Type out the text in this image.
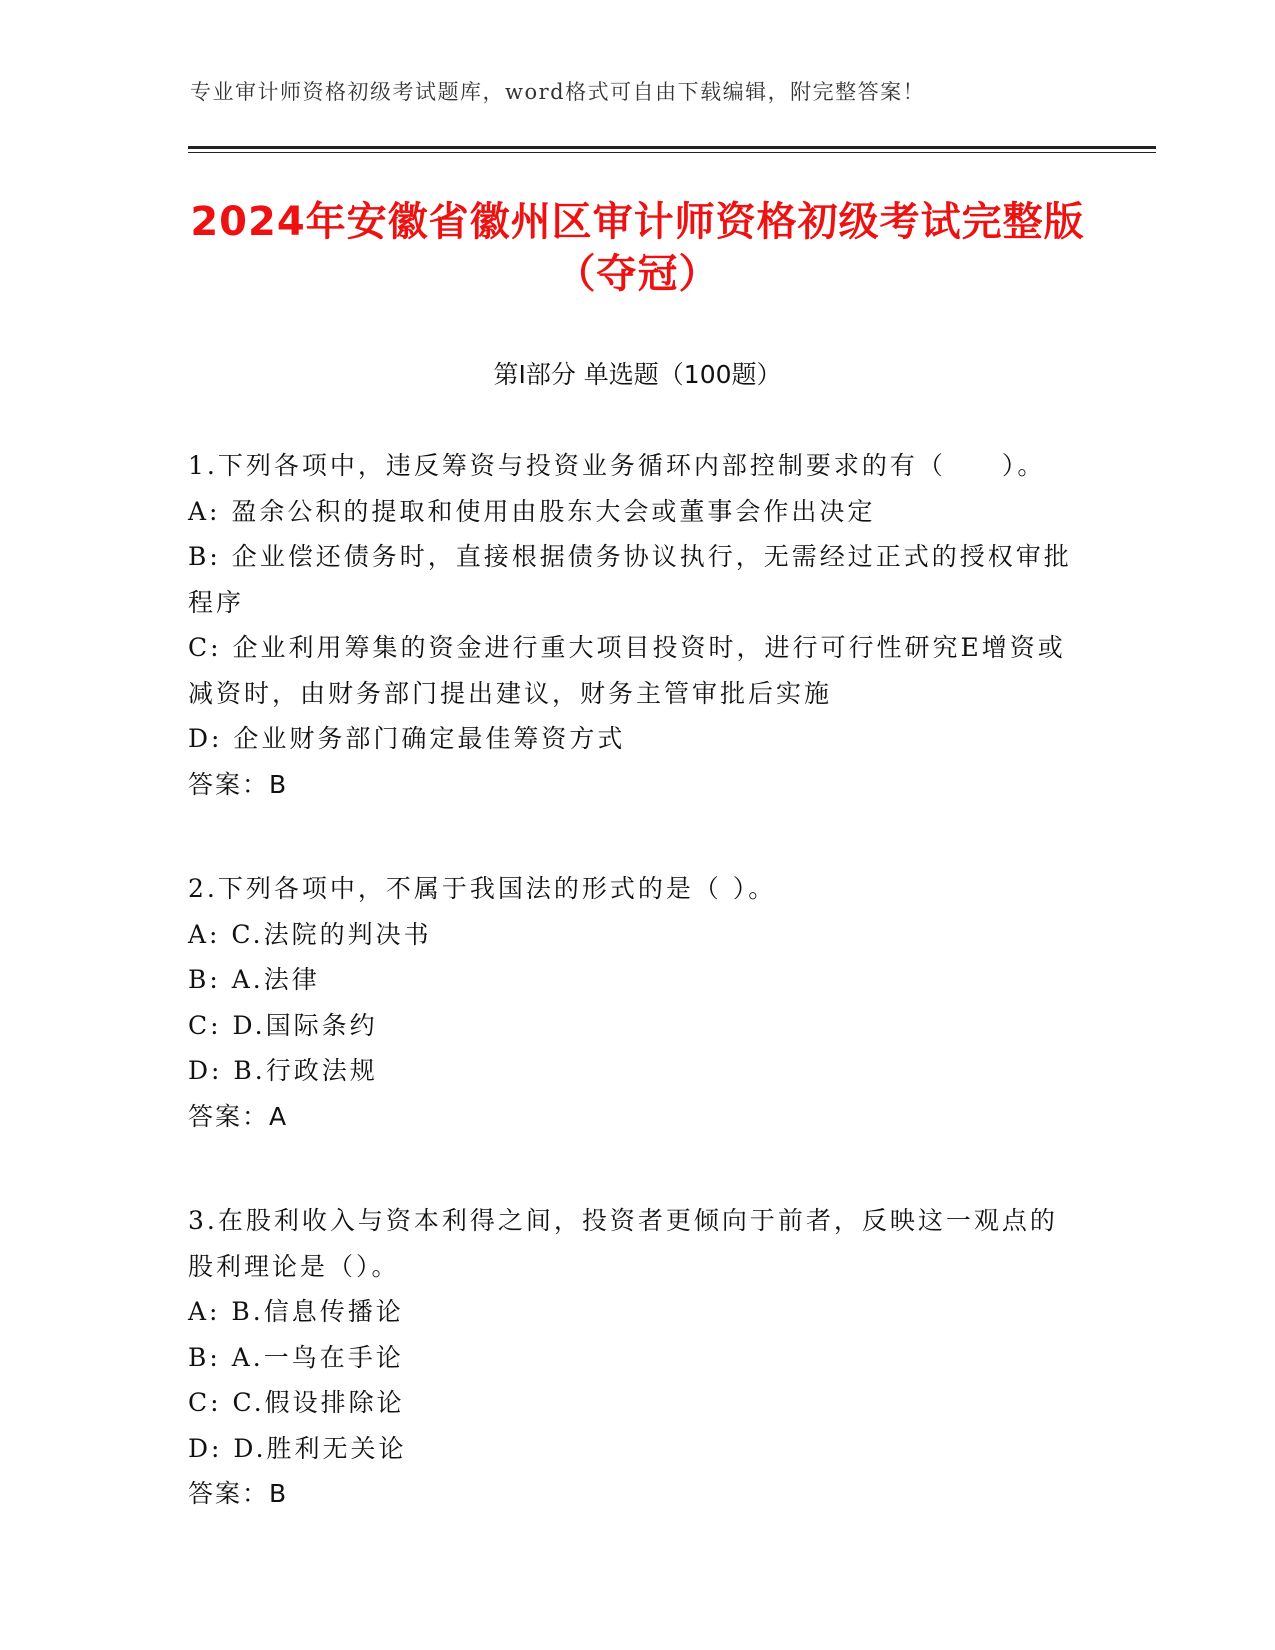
专业审计师资格初级考试题库，word格式可自由下载编辑，附完整答案！
2024年安徽省徽州区审计师资格初级考试完整版（夺冠）
第Ⅰ部分 单选题（100题）
1.下列各项中，违反筹资与投资业务循环内部控制要求的有（　　）。
A: 盈余公积的提取和使用由股东大会或董事会作出决定
B: 企业偿还债务时，直接根据债务协议执行，无需经过正式的授权审批程序
C: 企业利用筹集的资金进行重大项目投资时，进行可行性研究E增资或减资时，由财务部门提出建议，财务主管审批后实施
D: 企业财务部门确定最佳筹资方式
答案：B
2.下列各项中，不属于我国法的形式的是（ ）。
A: C.法院的判决书
B: A.法律
C: D.国际条约
D: B.行政法规
答案：A
3.在股利收入与资本利得之间，投资者更倾向于前者，反映这一观点的股利理论是（）。
A: B.信息传播论
B: A.一鸟在手论
C: C.假设排除论
D: D.胜利无关论
答案：B
